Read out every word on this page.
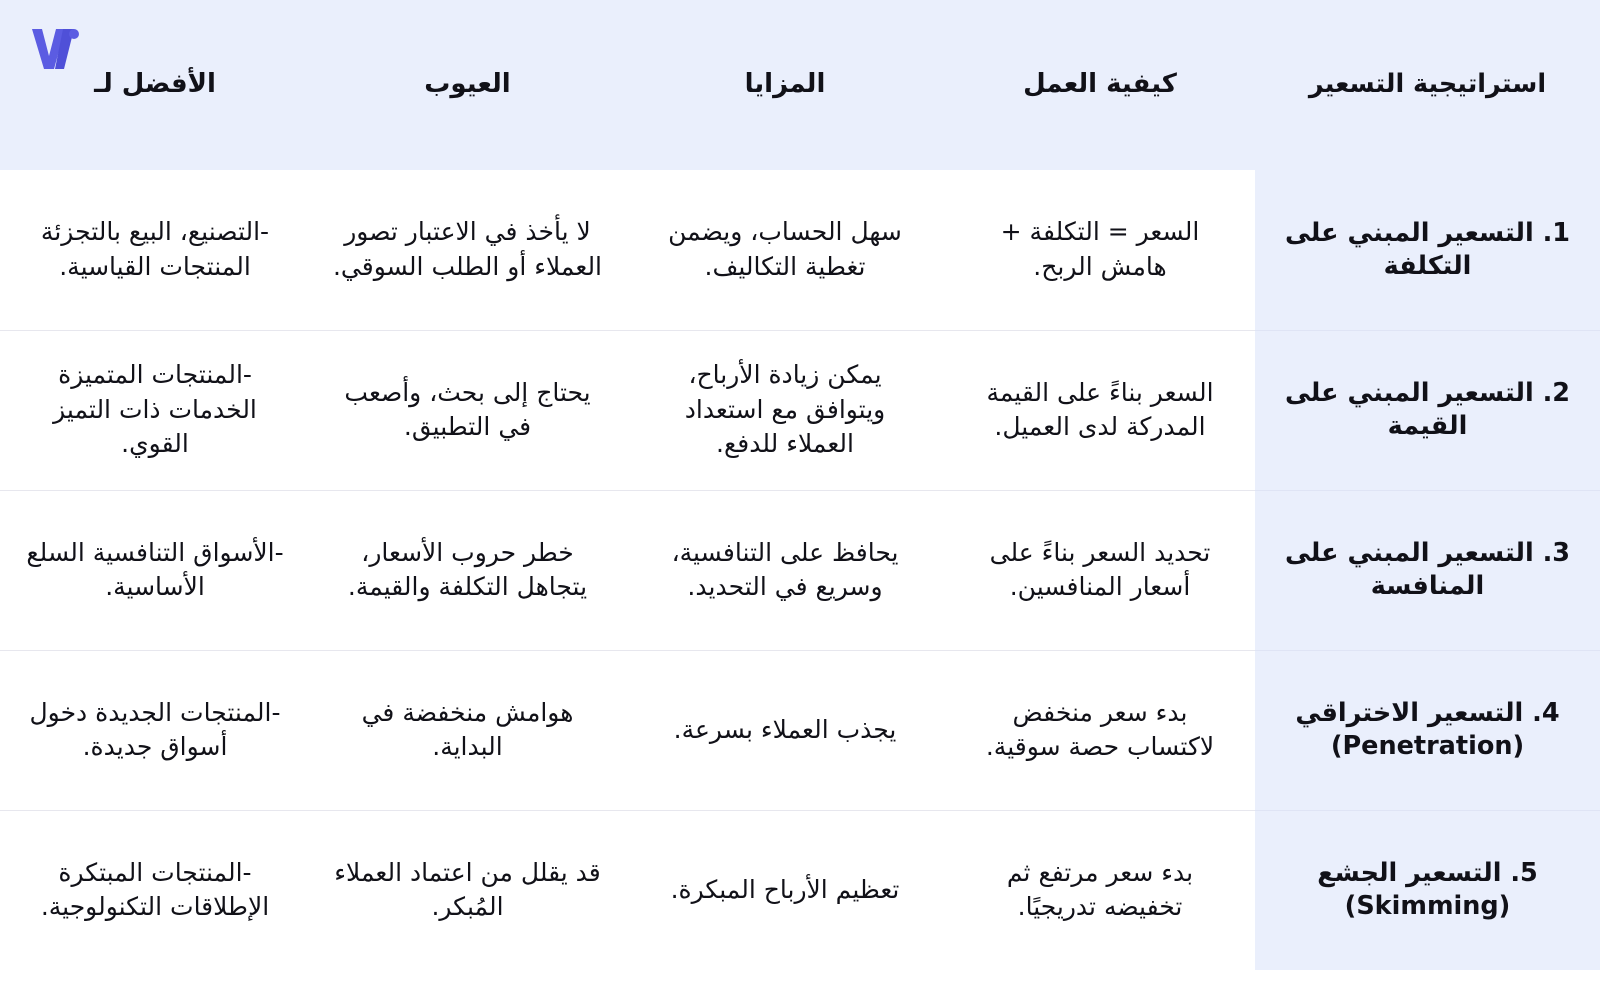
استراتيجية التسعير	كيفية العمل	المزايا	العيوب	الأفضل لـ

1. التسعير المبني على التكلفة	السعر = التكلفة + هامش الربح.	سهل الحساب، ويضمن تغطية التكاليف.	لا يأخذ في الاعتبار تصور العملاء أو الطلب السوقي.	-التصنيع، البيع بالتجزئة المنتجات القياسية.

2. التسعير المبني على القيمة	السعر بناءً على القيمة المدركة لدى العميل.	يمكن زيادة الأرباح، ويتوافق مع استعداد العملاء للدفع.	يحتاج إلى بحث، وأصعب في التطبيق.	-المنتجات المتميزة الخدمات ذات التميز القوي.

3. التسعير المبني على المنافسة	تحديد السعر بناءً على أسعار المنافسين.	يحافظ على التنافسية، وسريع في التحديد.	خطر حروب الأسعار، يتجاهل التكلفة والقيمة.	-الأسواق التنافسية السلع الأساسية.

4. التسعير الاختراقي (Penetration)	بدء سعر منخفض لاكتساب حصة سوقية.	يجذب العملاء بسرعة.	هوامش منخفضة في البداية.	-المنتجات الجديدة دخول أسواق جديدة.

5. التسعير الجشع (Skimming)	بدء سعر مرتفع ثم تخفيضه تدريجيًا.	تعظيم الأرباح المبكرة.	قد يقلل من اعتماد العملاء المُبكر.	-المنتجات المبتكرة الإطلاقات التكنولوجية.
